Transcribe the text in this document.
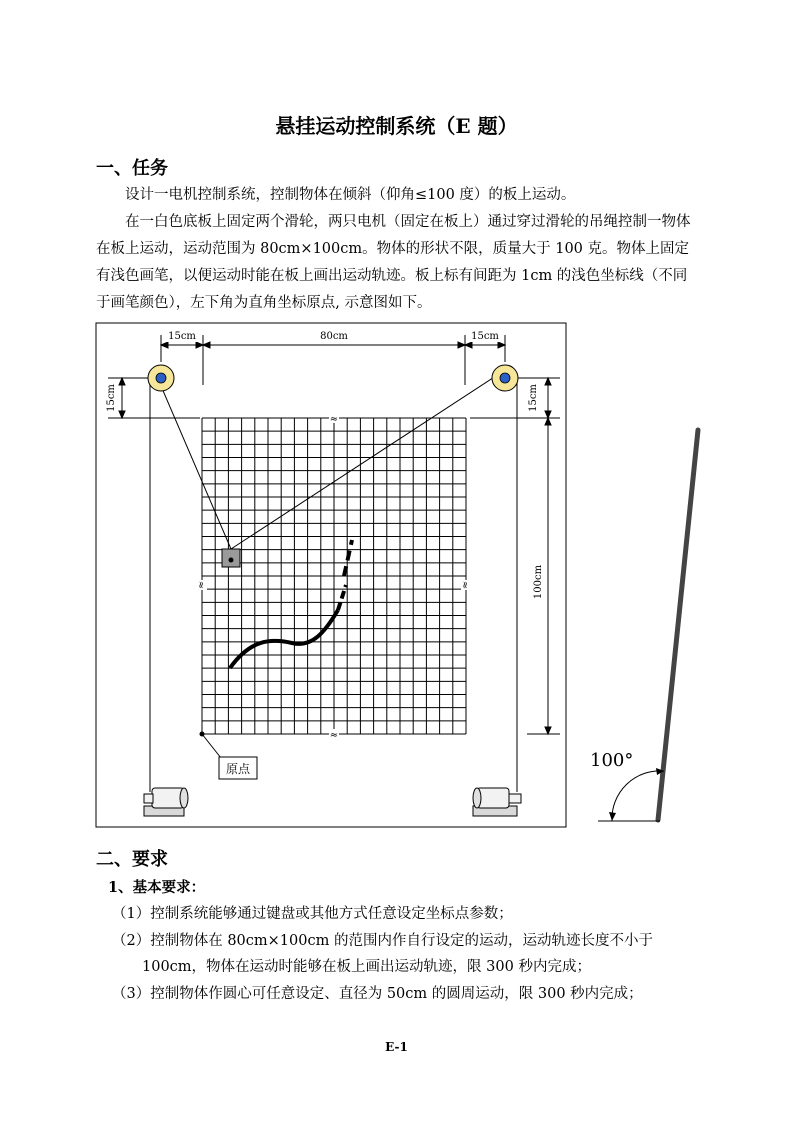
悬挂运动控制系统（E 题）
一、任务

设计一电机控制系统，控制物体在倾斜（仰角≤100 度）的板上运动。

在一白色底板上固定两个滑轮，两只电机（固定在板上）通过穿过滑轮的吊绳控制一物体在板上运动，运动范围为 80cm×100cm。物体的形状不限，质量大于 100 克。物体上固定有浅色画笔，以便运动时能在板上画出运动轨迹。板上标有间距为 1cm 的浅色坐标线（不同于画笔颜色），左下角为直角坐标原点, 示意图如下。

≈
≈
≈	≈
15cm	80cm	15cm
15cm	15cm
100cm
原点	100°
二、要求
1、基本要求：
（1）控制系统能够通过键盘或其他方式任意设定坐标点参数；
（2）控制物体在 80cm×100cm 的范围内作自行设定的运动，运动轨迹长度不小于
100cm，物体在运动时能够在板上画出运动轨迹，限 300 秒内完成；
（3）控制物体作圆心可任意设定、直径为 50cm 的圆周运动，限 300 秒内完成；
E-1
